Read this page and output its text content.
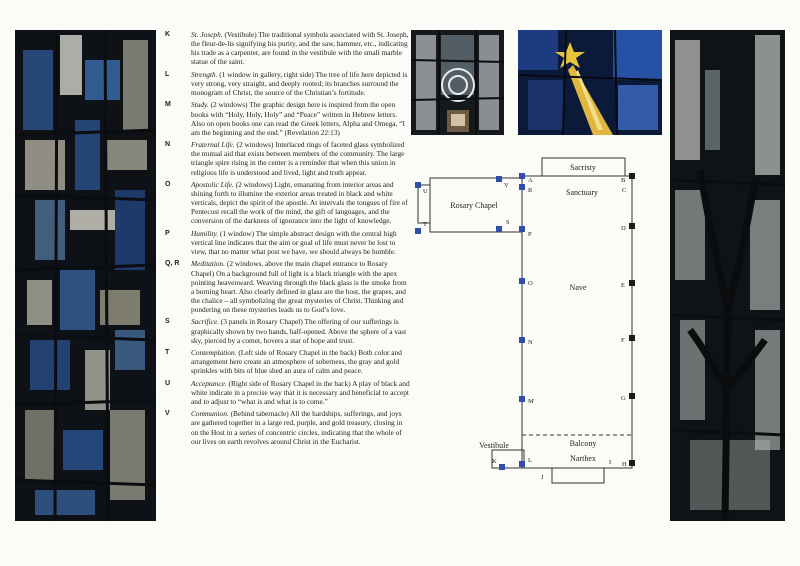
K	St. Joseph. (Vestibule) The traditional symbols associated with St. Joseph, the fleur-de-lis signifying his purity, and the saw, hammer, etc., indicating his trade as a carpenter, are found in the vestibule with the small marble statue of the saint.
L	Strength. (1 window in gallery, right side) The tree of life here depicted is very strong, very straight, and deeply rooted; its branches surround the monogram of Christ, the source of the Christian’s fortitude.
M	Study. (2 windows) The graphic design here is inspired from the open books with “Holy, Holy, Holy” and “Peace” written in Hebrew letters. Also on open books one can read the Greek letters, Alpha and Omega, “I am the beginning and the end.” (Revelation 22:13)
N	Fraternal Life. (2 windows) Interlaced rings of faceted glass symbolized the mutual aid that exists between members of the community. The large triangle spire rising in the center is a reminder that when this union in religious life is understood and lived, light and truth appear.
O	Apostolic Life. (2 windows) Light, emanating from interior areas and shining forth to illumine the exterior areas treated in black and white verticals, depict the spirit of the apostle. At intervals the tongues of fire of Pentecost recall the work of the mind, the gift of languages, and the conversion of the darkness of ignorance into the light of knowledge.
P	Humility. (1 window) The simple abstract design with the central high vertical line indicates that the aim or goal of life must never be lost to view, that no matter what post we have, we should always be humble.
Q, R	Meditation. (2 windows, above the main chapel entrance to Rosary Chapel) On a background full of light is a black triangle with the apex pointing heavenward. Weaving through the black glass is the smoke from a burning heart. Also clearly defined in glass are the host, the grapes, and the chalice – all symbolizing the great mysteries of Christ. Thinking and pondering on these mysteries leads us to God’s love.
S	Sacrifice. (3 panels in Rosary Chapel) The offering of our sufferings is graphically shown by two hands, half-opened. Above the sphere of a vast sky, pierced by a comet, hovers a star of hope and trust.
T	Contemplation. (Left side of Rosary Chapel in the back) Both color and arrangement here create an atmosphere of soberness, the gray and gold sprinkles with bits of blue shed an aura of calm and peace.
U	Acceptance. (Right side of Rosary Chapel in the back) A play of black and white indicate in a precise way that it is necessary and beneficial to accept and to adjust to “what is and what is to come.”
V	Communion. (Behind tabernacle) All the hardships, sufferings, and joys are gathered together in a large red, purple, and gold treasury, closing in on the Host in a series of concentric circles, indicating that the whole of our lives on earth revolves around Christ in the Eucharist.
Sacristy
Sanctuary
Rosary Chapel
Nave
Balcony
Narthex
Vestibule
U
T
V
A
R
S
P
O
N
M
B
C
D
E
F
G
H
I
J
K	L
